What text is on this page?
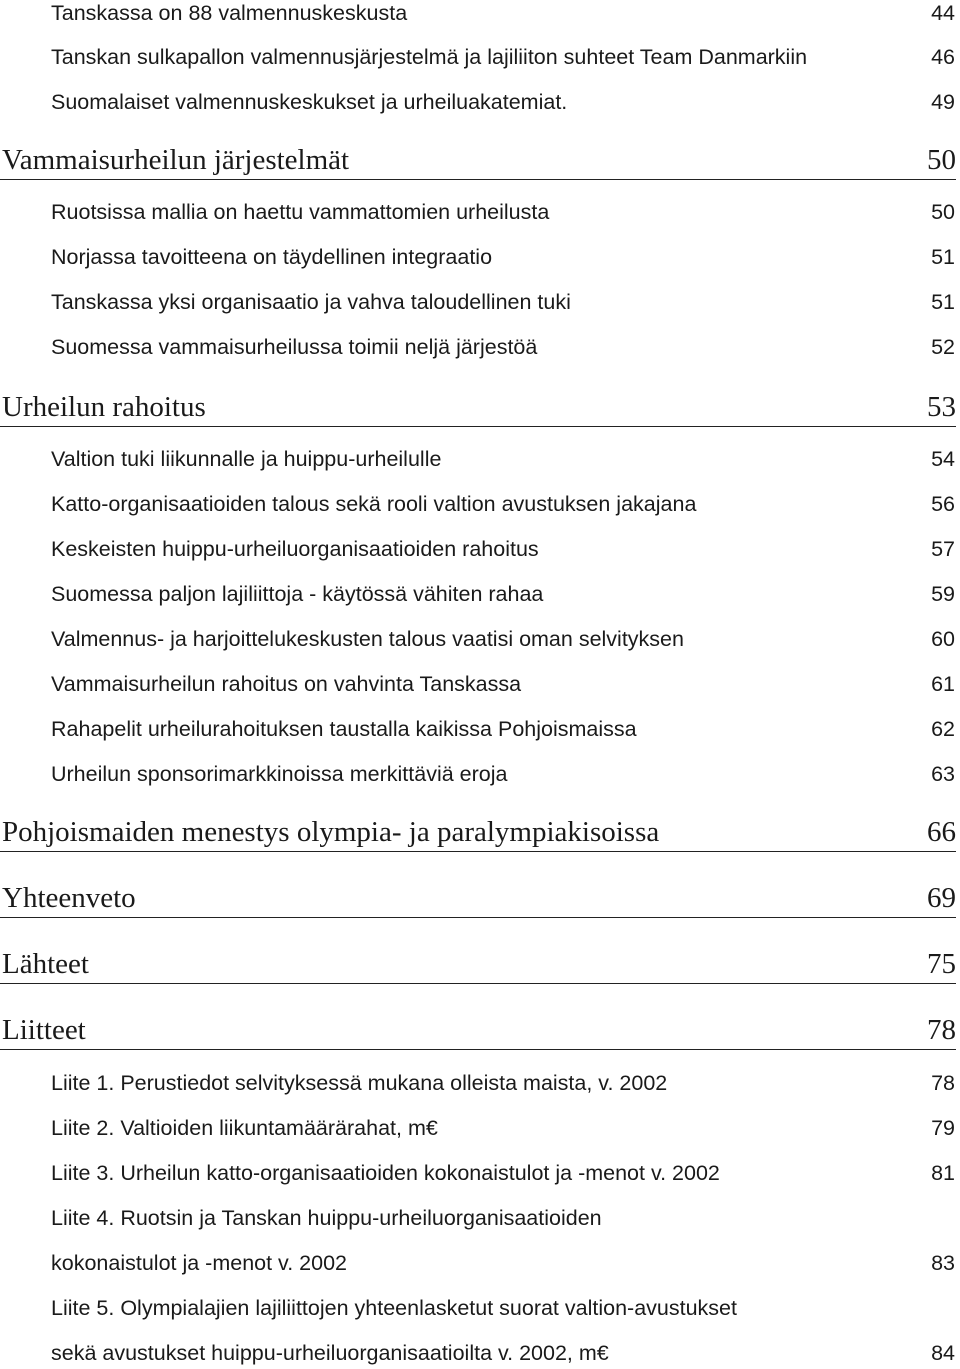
Tanskassa on 88 valmennuskeskusta	44
Tanskan sulkapallon valmennusjärjestelmä ja lajiliiton suhteet Team Danmarkiin	46
Suomalaiset valmennuskeskukset ja urheiluakatemiat.	49
Vammaisurheilun järjestelmät	50
Ruotsissa mallia on haettu vammattomien urheilusta	50
Norjassa tavoitteena on täydellinen integraatio	51
Tanskassa yksi organisaatio ja vahva taloudellinen tuki	51
Suomessa vammaisurheilussa toimii neljä järjestöä	52
Urheilun rahoitus	53
Valtion tuki liikunnalle ja huippu-urheilulle	54
Katto-organisaatioiden talous sekä rooli valtion avustuksen jakajana	56
Keskeisten huippu-urheiluorganisaatioiden rahoitus	57
Suomessa paljon lajiliittoja - käytössä vähiten rahaa	59
Valmennus- ja harjoittelukeskusten talous vaatisi oman selvityksen	60
Vammaisurheilun rahoitus on vahvinta Tanskassa	61
Rahapelit urheilurahoituksen taustalla kaikissa Pohjoismaissa	62
Urheilun sponsorimarkkinoissa merkittäviä eroja	63
Pohjoismaiden menestys olympia- ja paralympiakisoissa	66
Yhteenveto	69
Lähteet	75
Liitteet	78
Liite 1. Perustiedot selvityksessä mukana olleista maista, v. 2002	78
Liite 2. Valtioiden liikuntamäärärahat, m€	79
Liite 3. Urheilun katto-organisaatioiden kokonaistulot ja -menot v. 2002	81
Liite 4. Ruotsin ja Tanskan huippu-urheiluorganisaatioiden
kokonaistulot ja -menot v. 2002	83
Liite 5. Olympialajien lajiliittojen yhteenlasketut suorat valtion-avustukset
sekä avustukset huippu-urheiluorganisaatioilta v. 2002, m€	84
